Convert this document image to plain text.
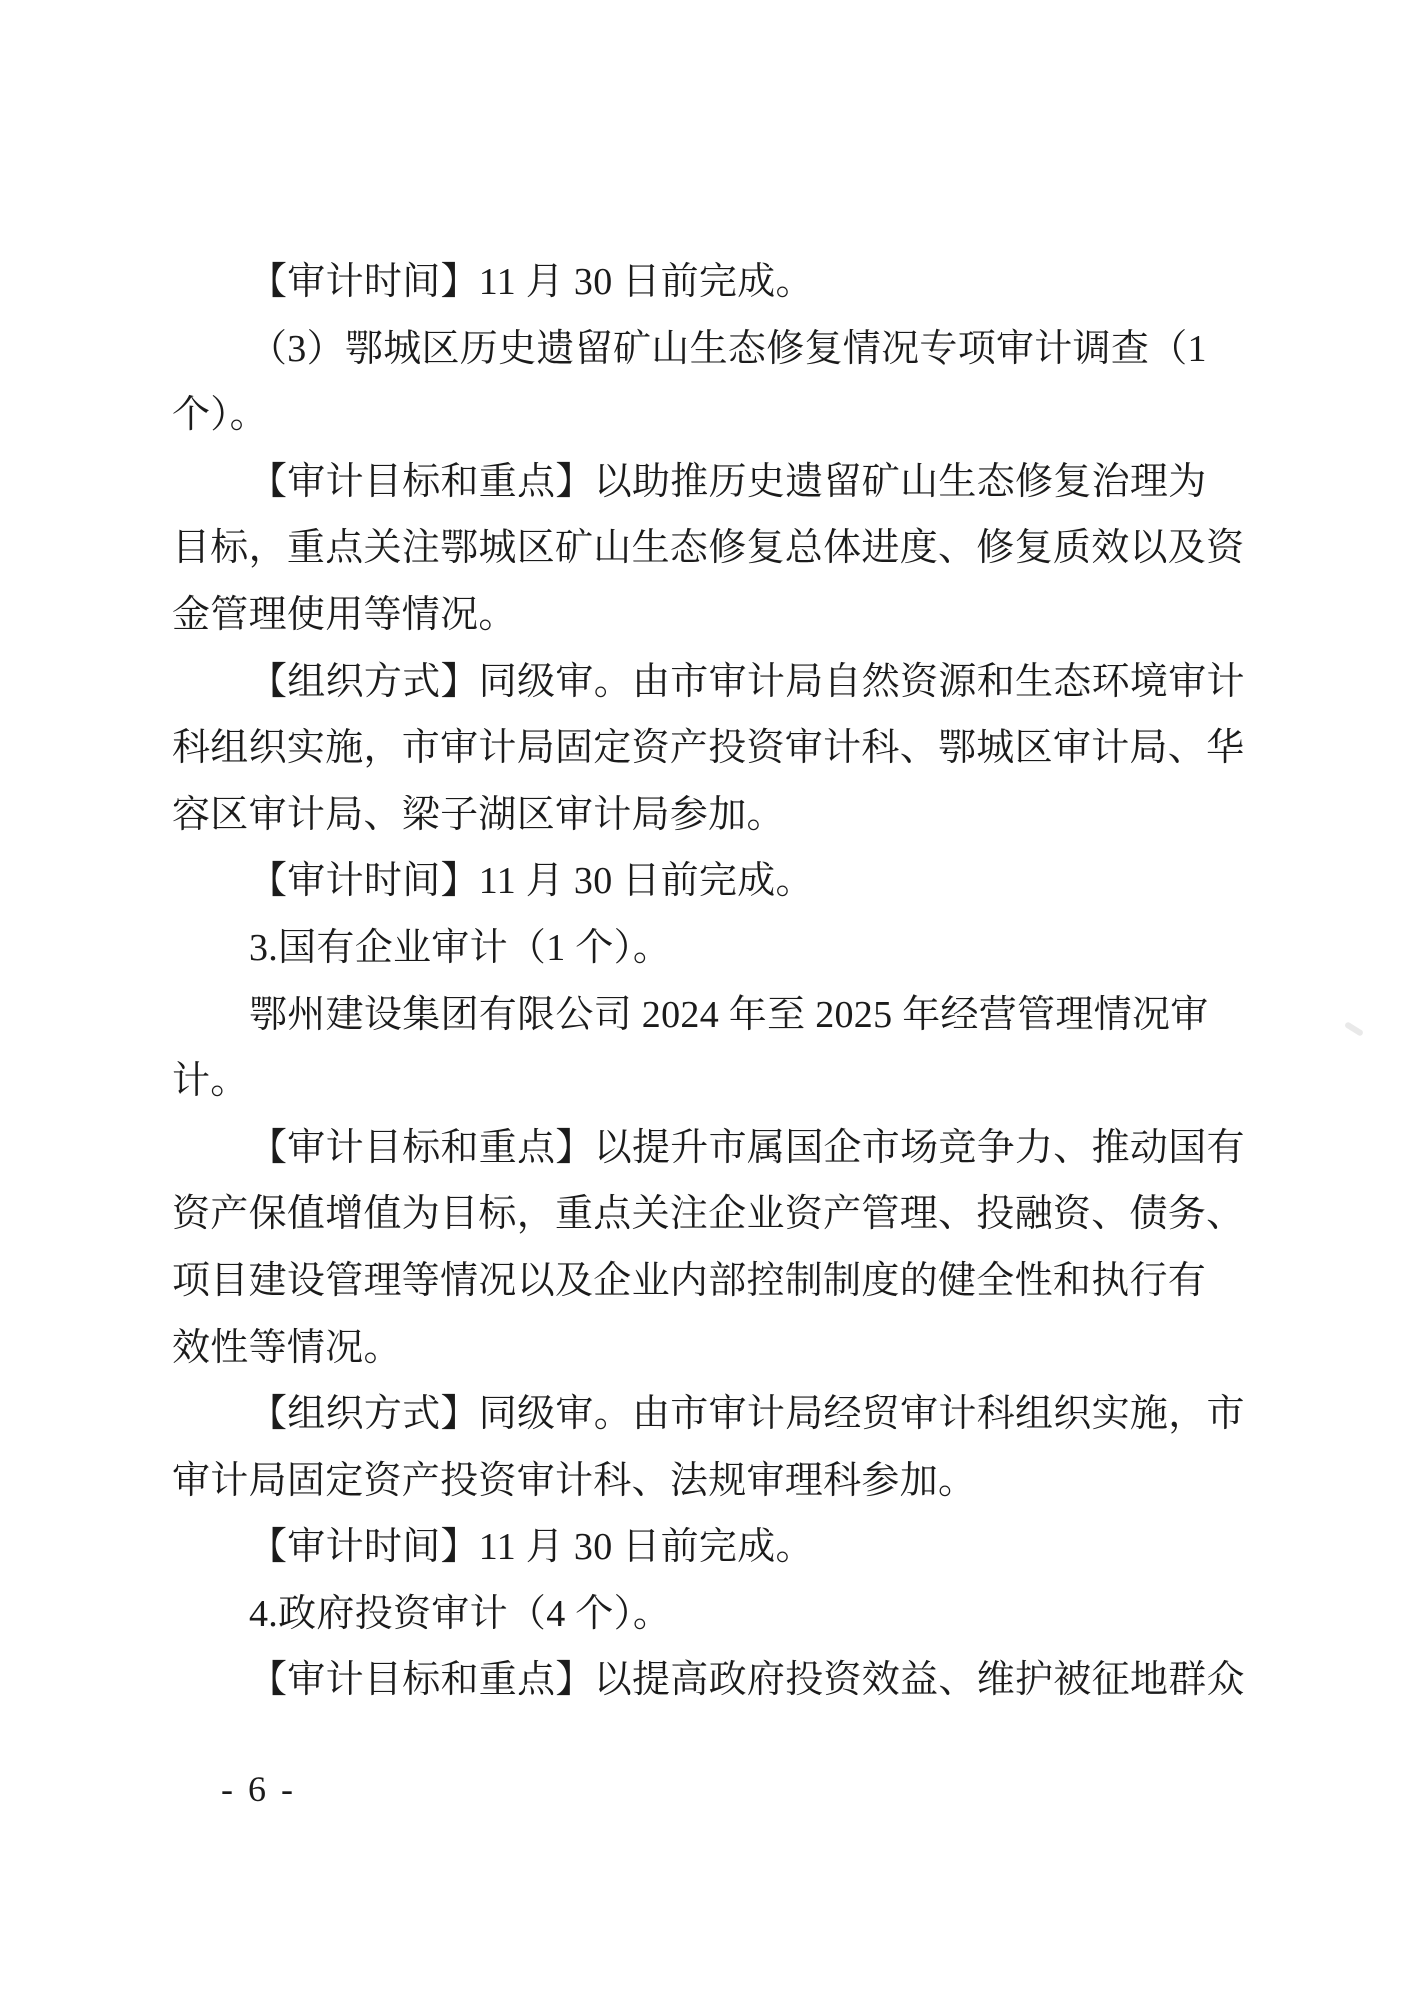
【审计时间】11 月 30 日前完成。
（3）鄂城区历史遗留矿山生态修复情况专项审计调查（1
个）。
【审计目标和重点】以助推历史遗留矿山生态修复治理为
目标，重点关注鄂城区矿山生态修复总体进度、修复质效以及资
金管理使用等情况。
【组织方式】同级审。由市审计局自然资源和生态环境审计
科组织实施，市审计局固定资产投资审计科、鄂城区审计局、华
容区审计局、梁子湖区审计局参加。
【审计时间】11 月 30 日前完成。
3.国有企业审计（1 个）。
鄂州建设集团有限公司 2024 年至 2025 年经营管理情况审
计。
【审计目标和重点】以提升市属国企市场竞争力、推动国有
资产保值增值为目标，重点关注企业资产管理、投融资、债务、
项目建设管理等情况以及企业内部控制制度的健全性和执行有
效性等情况。
【组织方式】同级审。由市审计局经贸审计科组织实施，市
审计局固定资产投资审计科、法规审理科参加。
【审计时间】11 月 30 日前完成。
4.政府投资审计（4 个）。
【审计目标和重点】以提高政府投资效益、维护被征地群众
- 6 -
